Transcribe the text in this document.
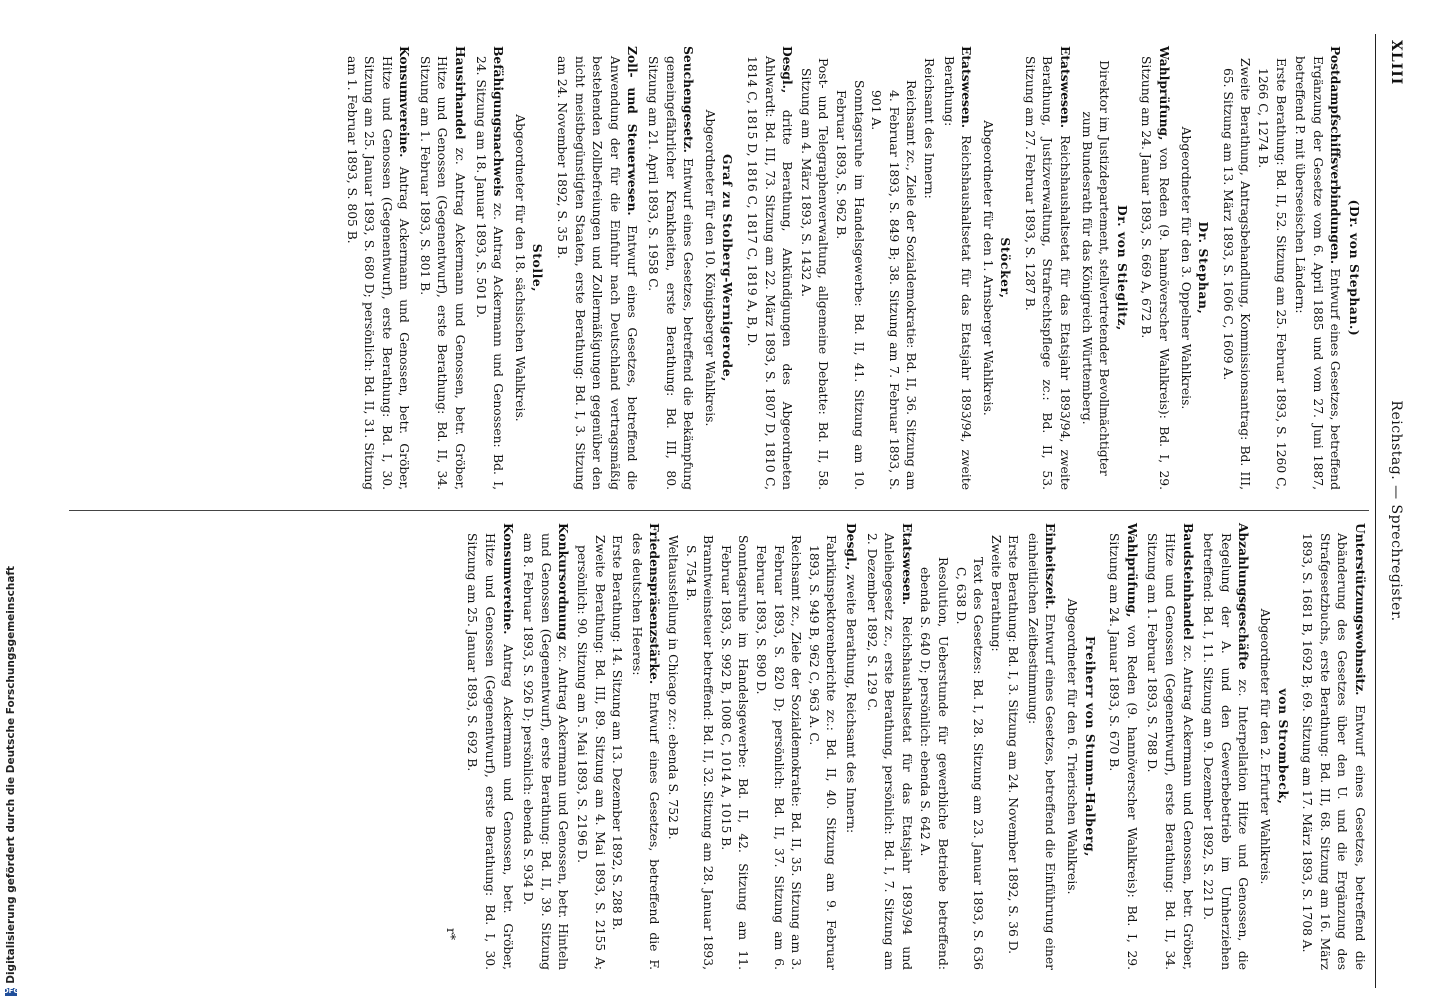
XLIII
Reichstag. — Sprechregister.

(Dr. von Stephan.)

Postdampfschiffsverbindungen. Entwurf eines Gesetzes, betreffend Ergänzung der Gesetze vom 6. April 1885 und vom 27. Juni 1887, betreffend P. mit überseeischen Ländern:

Erste Berathung: Bd. II, 52. Sitzung am 25. Februar 1893, S. 1260 C, 1266 C, 1274 B.

Zweite Berathung, Antragsbehandlung, Kommissionsantrag: Bd. III, 65. Sitzung am 13. März 1893, S. 1606 C, 1609 A.

Dr. Stephan,

Abgeordneter für den 3. Oppelner Wahlkreis.

Wahlprüfung, von Reden (9. hannöverscher Wahlkreis): Bd. I, 29. Sitzung am 24. Januar 1893, S. 669 A, 672 B.

Dr. von Stieglitz,

Direktor im Justizdepartement, stellvertretender Bevollmächtigter zum Bundesrath für das Königreich Württemberg.

Etatswesen. Reichshaushaltsetat für das Etatsjahr 1893/94, zweite Berathung, Justizverwaltung, Strafrechtspflege zc.: Bd. II, 53. Sitzung am 27. Februar 1893, S. 1287 B.

Stöcker,

Abgeordneter für den 1. Arnsberger Wahlkreis.

Etatswesen. Reichshaushaltsetat für das Etatsjahr 1893/94, zweite Berathung:

Reichsamt des Innern:

Reichsamt zc., Ziele der Sozialdemokratie: Bd. II, 36. Sitzung am 4. Februar 1893, S. 849 B; 38. Sitzung am 7. Februar 1893, S. 901 A.

Sonntagsruhe im Handelsgewerbe: Bd. II, 41. Sitzung am 10. Februar 1893, S. 962 B.

Post- und Telegraphenverwaltung, allgemeine Debatte: Bd. II, 58. Sitzung am 4. März 1893, S. 1432 A.

Desgl., dritte Berathung, Ankündigungen des Abgeordneten Ahlwardt: Bd. III, 73. Sitzung am 22. März 1893, S. 1807 D, 1810 C, 1814 C, 1815 D, 1816 C, 1817 C, 1819 A, B, D.

Graf zu Stolberg-Wernigerode,

Abgeordneter für den 10. Königsberger Wahlkreis.

Seuchengesetz. Entwurf eines Gesetzes, betreffend die Bekämpfung gemeingefährlicher Krankheiten, erste Berathung: Bd. III, 80. Sitzung am 21. April 1893, S. 1958 C.

Zoll- und Steuerwesen. Entwurf eines Gesetzes, betreffend die Anwendung der für die Einfuhr nach Deutschland vertragsmäßig bestehenden Zollbefreiungen und Zollermäßigungen gegenüber den nicht meistbegünstigten Staaten, erste Berathung: Bd. I, 3. Sitzung am 24. November 1892, S. 35 B.

Stolle,

Abgeordneter für den 18. sächsischen Wahlkreis.

Befähigungsnachweis zc. Antrag Ackermann und Genossen: Bd. I, 24. Sitzung am 18. Januar 1893, S. 501 D.

Hausirhandel zc. Antrag Ackermann und Genossen, betr. Gröber, Hitze und Genossen (Gegenentwurf), erste Berathung: Bd. II, 34. Sitzung am 1. Februar 1893, S. 801 B.

Konsumvereine. Antrag Ackermann und Genossen, betr. Gröber, Hitze und Genossen (Gegenentwurf), erste Berathung: Bd. I, 30. Sitzung am 25. Januar 1893, S. 680 D; persönlich: Bd. II, 31. Sitzung am 1. Februar 1893, S. 805 B.

Unterstützungswohnsitz. Entwurf eines Gesetzes, betreffend die Abänderung des Gesetzes über den U. und die Ergänzung des Strafgesetzbuchs, erste Berathung: Bd. III, 68. Sitzung am 16. März 1893, S. 1681 B, 1692 B; 69. Sitzung am 17. März 1893, S. 1708 A.

von Strombeck,

Abgeordneter für den 2. Erfurter Wahlkreis.

Abzahlungsgeschäfte zc. Interpellation Hitze und Genossen, die Regelung der A. und den Gewerbebetrieb im Umherziehen betreffend: Bd. I, 11. Sitzung am 9. Dezember 1892, S. 221 D.

Baudsteinhandel zc. Antrag Ackermann und Genossen, betr. Gröber, Hitze und Genossen (Gegenentwurf), erste Berathung: Bd. II, 34. Sitzung am 1. Februar 1893, S. 788 D.

Wahlprüfung, von Reden (9. hannöverscher Wahlkreis): Bd. I, 29. Sitzung am 24. Januar 1893, S. 670 B.

Freiherr von Stumm-Halberg,

Abgeordneter für den 6. Trierischen Wahlkreis.

Einheitszeit. Entwurf eines Gesetzes, betreffend die Einführung einer einheitlichen Zeitbestimmung:

Erste Berathung: Bd. I, 3. Sitzung am 24. November 1892, S. 36 D.

Zweite Berathung:

Text des Gesetzes: Bd. I, 28. Sitzung am 23. Januar 1893, S. 636 C, 638 D.

Resolution, Ueberstunde für gewerbliche Betriebe betreffend: ebenda S. 640 D; persönlich: ebenda S. 642 A.

Etatswesen. Reichshaushaltsetat für das Etatsjahr 1893/94 und Anleihegesetz zc., erste Berathung, persönlich: Bd. I, 7. Sitzung am 2. Dezember 1892, S. 129 C.

Desgl., zweite Berathung, Reichsamt des Innern:

Fabrikinspektorenberichte zc.: Bd. II, 40. Sitzung am 9. Februar 1893, S. 949 B, 962 C, 963 A. C.

Reichsamt zc., Ziele der Sozialdemokratie: Bd. II, 35. Sitzung am 3. Februar 1893, S. 820 D; persönlich: Bd. II, 37. Sitzung am 6. Februar 1893, S. 890 D.

Sonntagsruhe im Handelsgewerbe: Bd. II, 42. Sitzung am 11. Februar 1893, S. 992 B, 1008 C, 1014 A, 1015 B.

Branntweinsteuer betreffend: Bd. II, 32. Sitzung am 28. Januar 1893, S. 754 B.

Weltausstellung in Chicago zc.: ebenda S. 752 B.

Friedenspräsenzstärke. Entwurf eines Gesetzes, betreffend die F. des deutschen Heeres:

Erste Berathung: 14. Sitzung am 13. Dezember 1892, S. 288 B.

Zweite Berathung: Bd. III, 89. Sitzung am 4. Mai 1893, S. 2155 A; persönlich: 90. Sitzung am 5. Mai 1893, S. 2196 D.

Konkursordnung zc. Antrag Ackermann und Genossen, betr. Hinteln und Genossen (Gegenentwurf), erste Berathung: Bd. II, 39. Sitzung am 8. Februar 1893, S. 926 D; persönlich: ebenda S. 934 D.

Konsumvereine. Antrag Ackermann und Genossen, betr. Gröber, Hitze und Genossen (Gegenentwurf), erste Berathung: Bd. I, 30. Sitzung am 25. Januar 1893, S. 692 B.

r*

Digitalisierung gefördert durch die Deutsche Forschungsgemeinschaft
DFG
